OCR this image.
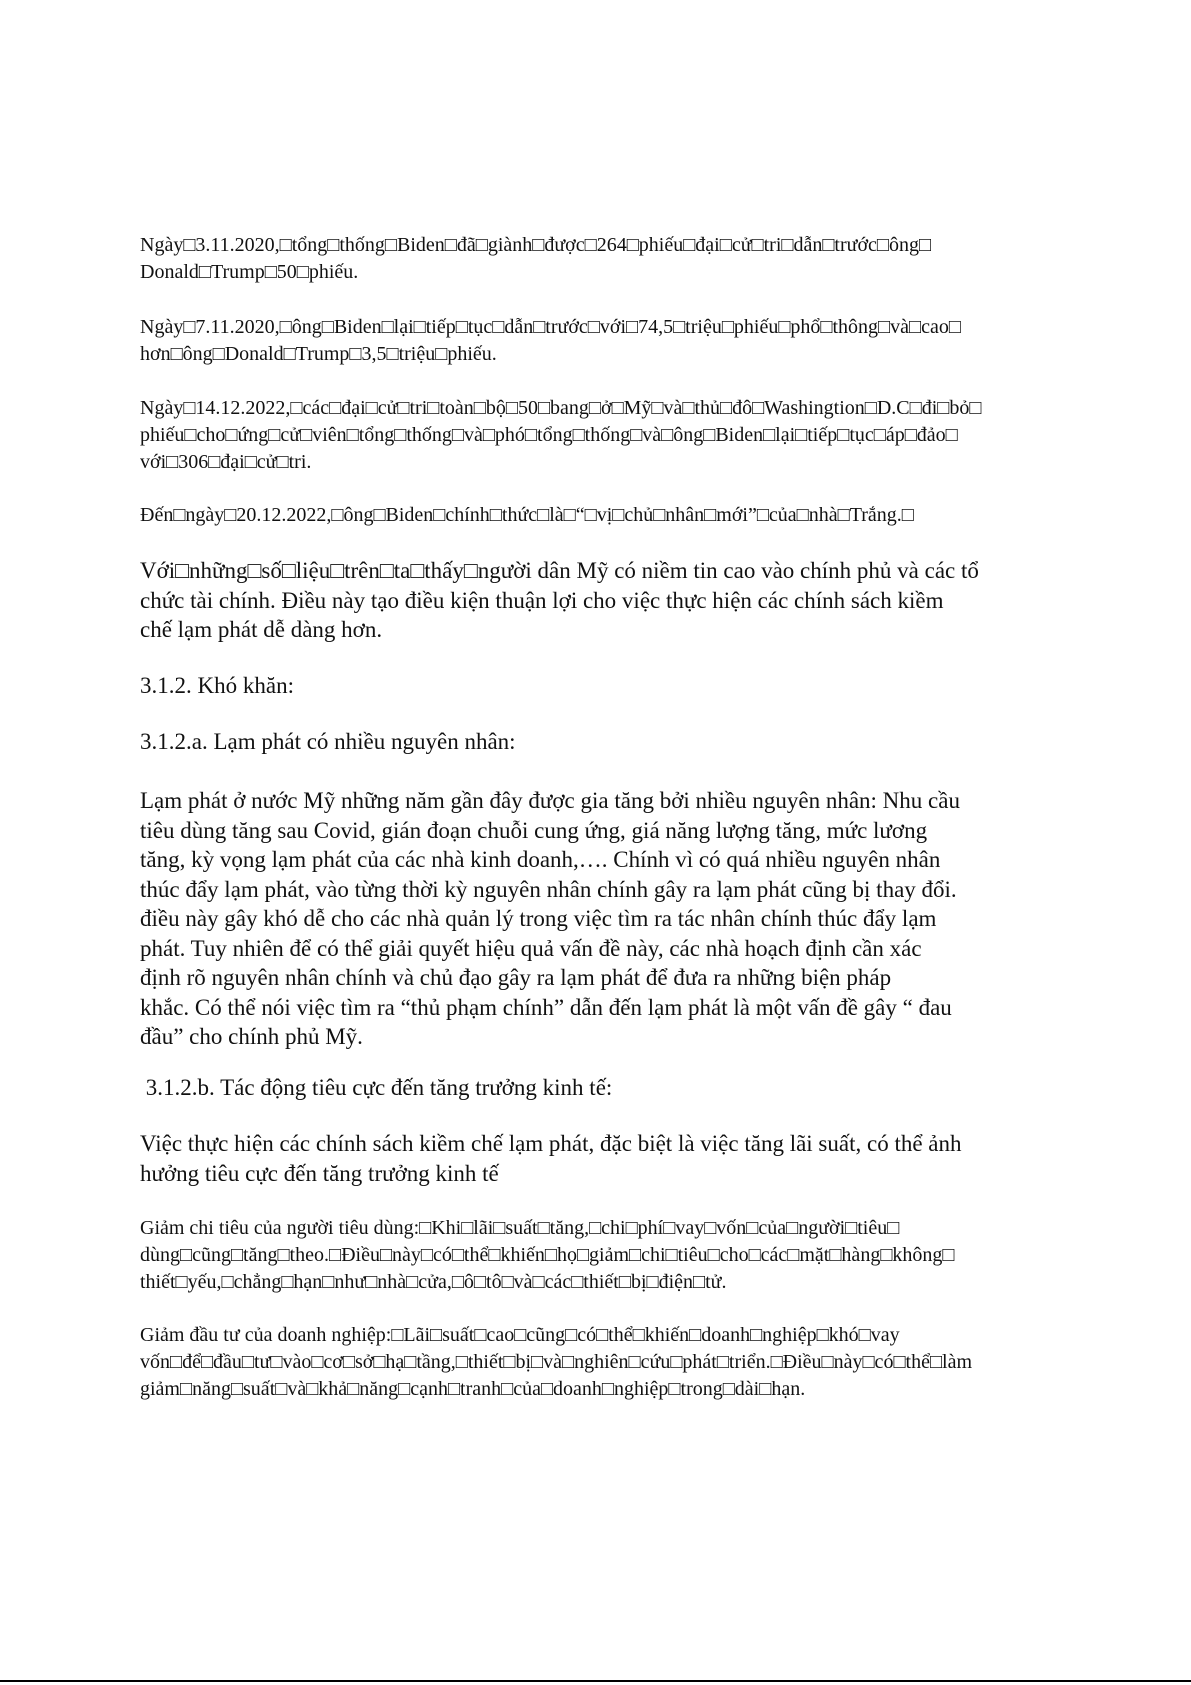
Ngày□3.11.2020,□tổng□thống□Biden□đã□giành□được□264□phiếu□đại□cử□tri□dẫn□trước□ông□
Donald□Trump□50□phiếu.
Ngày□7.11.2020,□ông□Biden□lại□tiếp□tục□dẫn□trước□với□74,5□triệu□phiếu□phổ□thông□và□cao□
hơn□ông□Donald□Trump□3,5□triệu□phiếu.
Ngày□14.12.2022,□các□đại□cử□tri□toàn□bộ□50□bang□ở□Mỹ□và□thủ□đô□Washingtion□D.C□đi□bỏ□
phiếu□cho□ứng□cử□viên□tổng□thống□và□phó□tổng□thống□và□ông□Biden□lại□tiếp□tục□áp□đảo□
với□306□đại□cử□tri.
Đến□ngày□20.12.2022,□ông□Biden□chính□thức□là□“□vị□chủ□nhân□mới”□của□nhà□Trắng.□
Với□những□số□liệu□trên□ta□thấy□người dân Mỹ có niềm tin cao vào chính phủ và các tổ
chức tài chính. Điều này tạo điều kiện thuận lợi cho việc thực hiện các chính sách kiềm
chế lạm phát dễ dàng hơn.
3.1.2. Khó khăn:
3.1.2.a. Lạm phát có nhiều nguyên nhân:
Lạm phát ở nước Mỹ những năm gần đây được gia tăng bởi nhiều nguyên nhân: Nhu cầu
tiêu dùng tăng sau Covid, gián đoạn chuỗi cung ứng, giá năng lượng tăng, mức lương
tăng, kỳ vọng lạm phát của các nhà kinh doanh,…. Chính vì có quá nhiều nguyên nhân
thúc đẩy lạm phát, vào từng thời kỳ nguyên nhân chính gây ra lạm phát cũng bị thay đổi.
điều này gây khó dễ cho các nhà quản lý trong việc tìm ra tác nhân chính thúc đẩy lạm
phát. Tuy nhiên để có thể giải quyết hiệu quả vấn đề này, các nhà hoạch định cần xác
định rõ nguyên nhân chính và chủ đạo gây ra lạm phát để đưa ra những biện pháp
khắc. Có thể nói việc tìm ra “thủ phạm chính” dẫn đến lạm phát là một vấn đề gây “ đau
đầu” cho chính phủ Mỹ.
3.1.2.b. Tác động tiêu cực đến tăng trưởng kinh tế:
Việc thực hiện các chính sách kiềm chế lạm phát, đặc biệt là việc tăng lãi suất, có thể ảnh
hưởng tiêu cực đến tăng trưởng kinh tế
Giảm chi tiêu của người tiêu dùng:□Khi□lãi□suất□tăng,□chi□phí□vay□vốn□của□người□tiêu□
dùng□cũng□tăng□theo.□Điều□này□có□thể□khiến□họ□giảm□chi□tiêu□cho□các□mặt□hàng□không□
thiết□yếu,□chẳng□hạn□như□nhà□cửa,□ô□tô□và□các□thiết□bị□điện□tử.
Giảm đầu tư của doanh nghiệp:□Lãi□suất□cao□cũng□có□thể□khiến□doanh□nghiệp□khó□vay
vốn□để□đầu□tư□vào□cơ□sở□hạ□tầng,□thiết□bị□và□nghiên□cứu□phát□triển.□Điều□này□có□thể□làm
giảm□năng□suất□và□khả□năng□cạnh□tranh□của□doanh□nghiệp□trong□dài□hạn.
